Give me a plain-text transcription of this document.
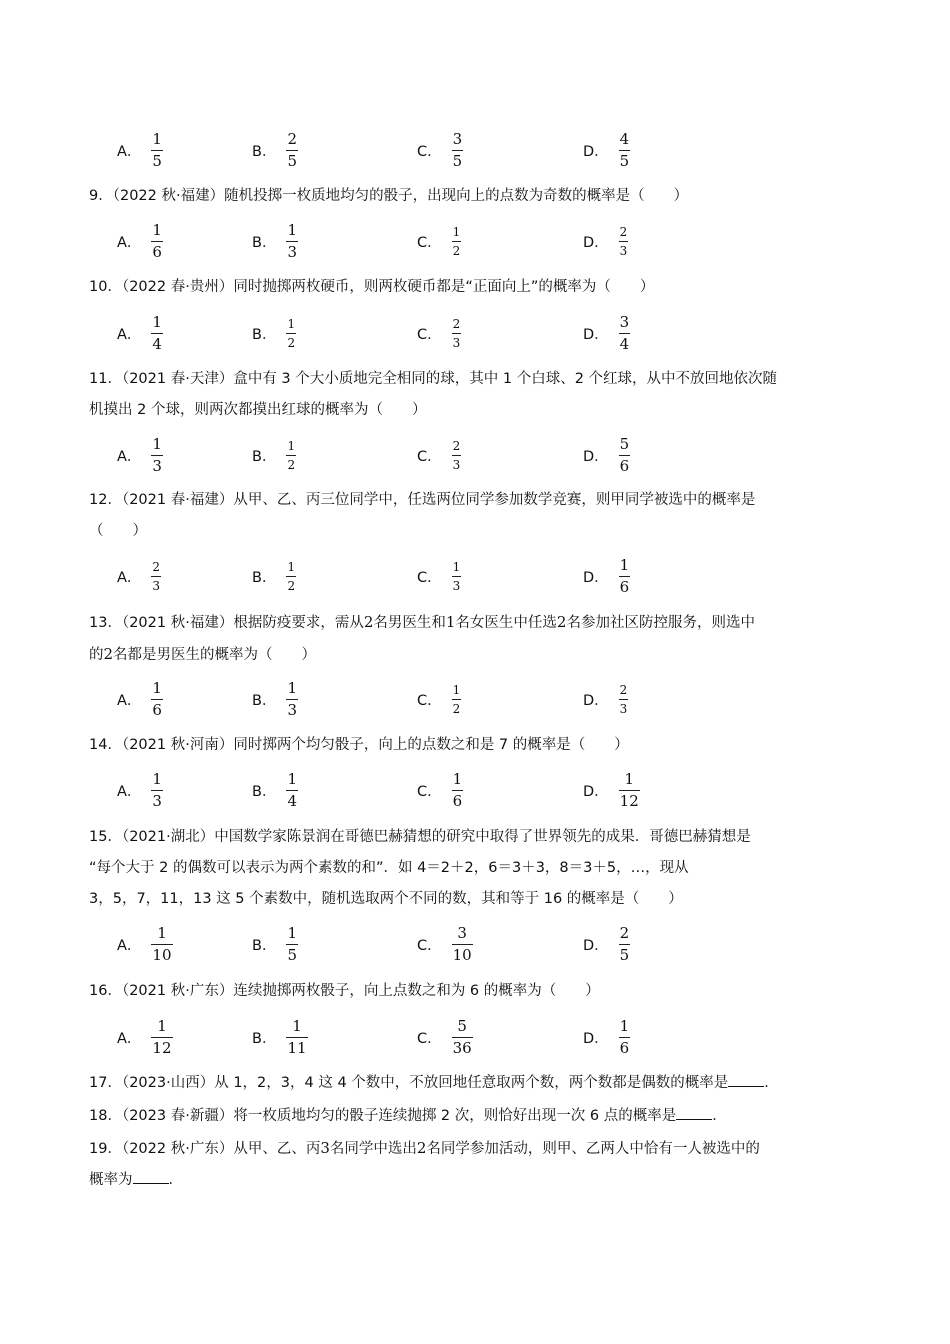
A． $\frac{1}{5}$	B． $\frac{2}{5}$	C． $\frac{3}{5}$	D． $\frac{4}{5}$
9．（2022 秋·福建）随机投掷一枚质地均匀的骰子，出现向上的点数为奇数的概率是（　　）
A． $\frac{1}{6}$	B． $\frac{1}{3}$	C． $\frac{1}{2}$	D． $\frac{2}{3}$
10．（2022 春·贵州）同时抛掷两枚硬币，则两枚硬币都是“正面向上”的概率为（　　）
A． $\frac{1}{4}$	B． $\frac{1}{2}$	C． $\frac{2}{3}$	D． $\frac{3}{4}$
11．（2021 春·天津）盒中有 3 个大小质地完全相同的球，其中 1 个白球、2 个红球，从中不放回地依次随
机摸出 2 个球，则两次都摸出红球的概率为（　　）
A． $\frac{1}{3}$	B． $\frac{1}{2}$	C． $\frac{2}{3}$	D． $\frac{5}{6}$
12．（2021 春·福建）从甲、乙、丙三位同学中，任选两位同学参加数学竞赛，则甲同学被选中的概率是
（　　）
A． $\frac{2}{3}$	B． $\frac{1}{2}$	C． $\frac{1}{3}$	D． $\frac{1}{6}$
13．（2021 秋·福建）根据防疫要求，需从2名男医生和1名女医生中任选2名参加社区防控服务，则选中
的2名都是男医生的概率为（　　）
A． $\frac{1}{6}$	B． $\frac{1}{3}$	C． $\frac{1}{2}$	D． $\frac{2}{3}$
14．（2021 秋·河南）同时掷两个均匀骰子，向上的点数之和是 7 的概率是（　　）
A． $\frac{1}{3}$	B． $\frac{1}{4}$	C． $\frac{1}{6}$	D． $\frac{1}{12}$
15．（2021·湖北）中国数学家陈景润在哥德巴赫猜想的研究中取得了世界领先的成果．哥德巴赫猜想是
“每个大于 2 的偶数可以表示为两个素数的和”．如 4＝2＋2，6＝3＋3，8＝3＋5，…，现从
3，5，7，11，13 这 5 个素数中，随机选取两个不同的数，其和等于 16 的概率是（　　）
A． $\frac{1}{10}$	B． $\frac{1}{5}$	C． $\frac{3}{10}$	D． $\frac{2}{5}$
16．（2021 秋·广东）连续抛掷两枚骰子，向上点数之和为 6 的概率为（　　）
A． $\frac{1}{12}$	B． $\frac{1}{11}$	C． $\frac{5}{36}$	D． $\frac{1}{6}$
17．（2023·山西）从 1，2，3，4 这 4 个数中，不放回地任意取两个数，两个数都是偶数的概率是 ．
18．（2023 春·新疆）将一枚质地均匀的骰子连续抛掷 2 次，则恰好出现一次 6 点的概率是 ．
19．（2022 秋·广东）从甲、乙、丙3名同学中选出2名同学参加活动，则甲、乙两人中恰有一人被选中的
概率为 ．
